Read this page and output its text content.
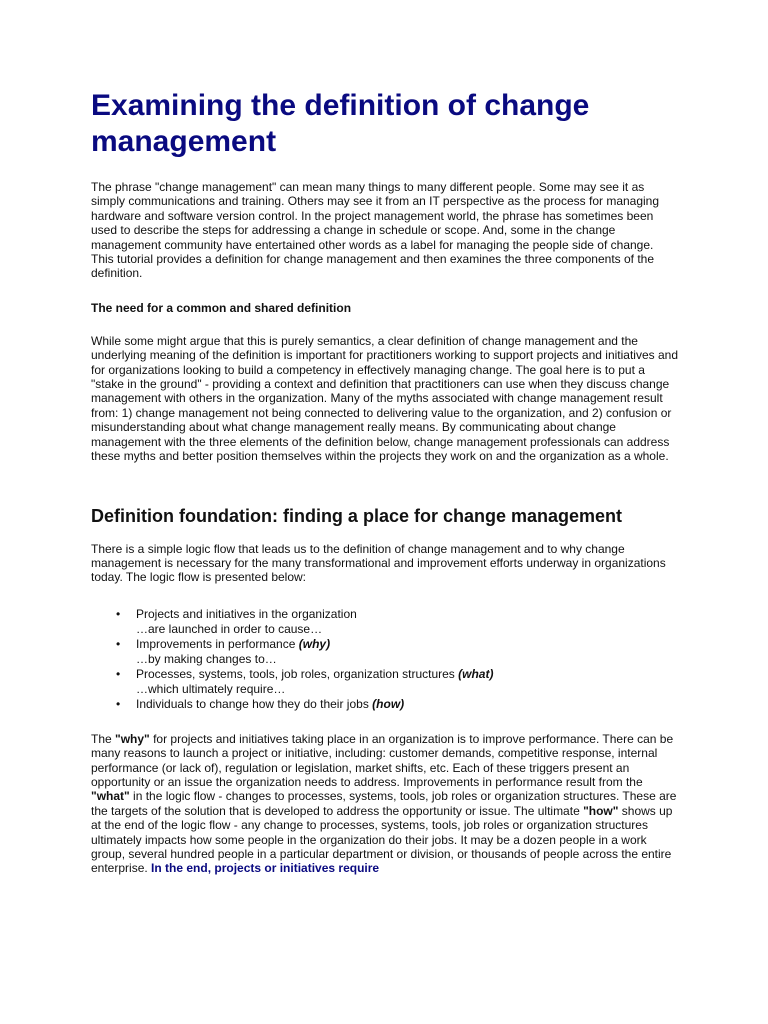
Examining the definition of change
management

The phrase "change management" can mean many things to many different people. Some may see it as simply communications and training. Others may see it from an IT perspective as the process for managing hardware and software version control. In the project management world, the phrase has sometimes been used to describe the steps for addressing a change in schedule or scope. And, some in the change management community have entertained other words as a label for managing the people side of change. This tutorial provides a definition for change management and then examines the three components of the definition.

The need for a common and shared definition

While some might argue that this is purely semantics, a clear definition of change management and the underlying meaning of the definition is important for practitioners working to support projects and initiatives and for organizations looking to build a competency in effectively managing change. The goal here is to put a "stake in the ground" - providing a context and definition that practitioners can use when they discuss change management with others in the organization. Many of the myths associated with change management result from: 1) change management not being connected to delivering value to the organization, and 2) confusion or misunderstanding about what change management really means. By communicating about change management with the three elements of the definition below, change management professionals can address these myths and better position themselves within the projects they work on and the organization as a whole.

Definition foundation: finding a place for change management

There is a simple logic flow that leads us to the definition of change management and to why change management is necessary for the many transformational and improvement efforts underway in organizations today. The logic flow is presented below:

• Projects and initiatives in the organization
…are launched in order to cause…
• Improvements in performance (why)
…by making changes to…
• Processes, systems, tools, job roles, organization structures (what)
…which ultimately require…
• Individuals to change how they do their jobs (how)

The "why" for projects and initiatives taking place in an organization is to improve performance. There can be many reasons to launch a project or initiative, including: customer demands, competitive response, internal performance (or lack of), regulation or legislation, market shifts, etc. Each of these triggers present an opportunity or an issue the organization needs to address. Improvements in performance result from the "what" in the logic flow - changes to processes, systems, tools, job roles or organization structures. These are the targets of the solution that is developed to address the opportunity or issue. The ultimate "how" shows up at the end of the logic flow - any change to processes, systems, tools, job roles or organization structures ultimately impacts how some people in the organization do their jobs. It may be a dozen people in a work group, several hundred people in a particular department or division, or thousands of people across the entire enterprise. In the end, projects or initiatives require
